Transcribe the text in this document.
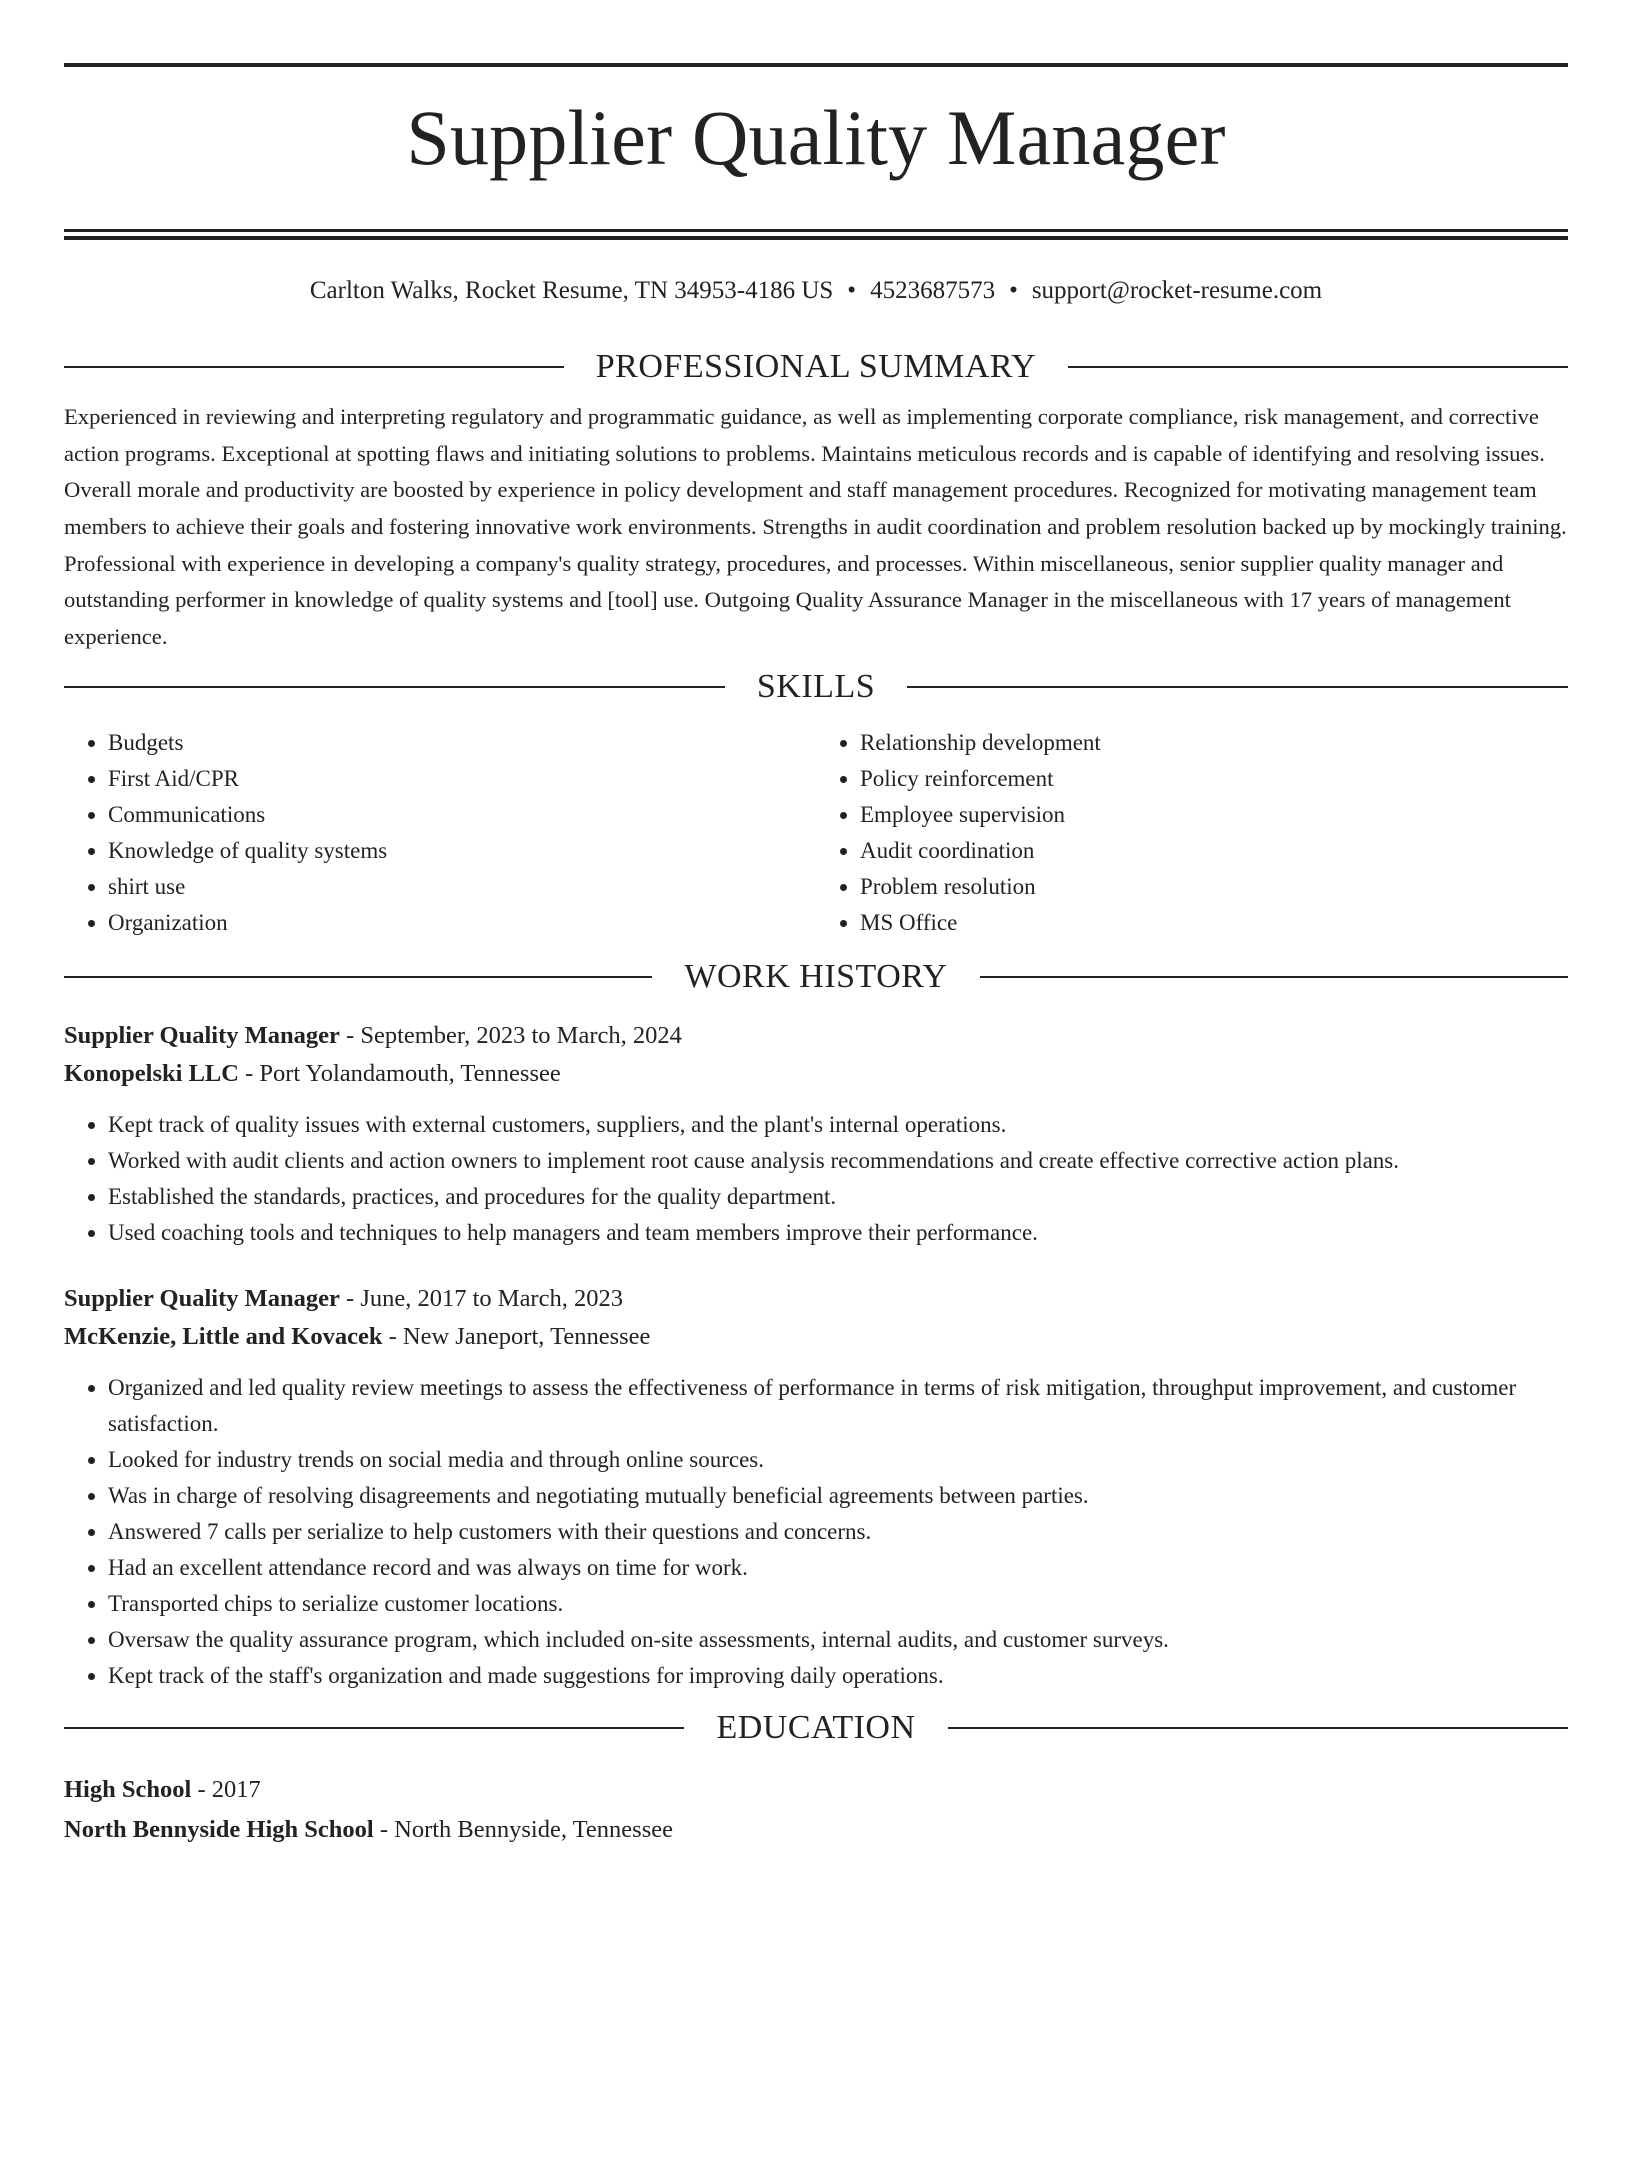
Supplier Quality Manager
Carlton Walks, Rocket Resume, TN 34953-4186 US • 4523687573 • support@rocket-resume.com
PROFESSIONAL SUMMARY
Experienced in reviewing and interpreting regulatory and programmatic guidance, as well as implementing corporate compliance, risk management, and corrective action programs. Exceptional at spotting flaws and initiating solutions to problems. Maintains meticulous records and is capable of identifying and resolving issues. Overall morale and productivity are boosted by experience in policy development and staff management procedures. Recognized for motivating management team members to achieve their goals and fostering innovative work environments. Strengths in audit coordination and problem resolution backed up by mockingly training. Professional with experience in developing a company's quality strategy, procedures, and processes. Within miscellaneous, senior supplier quality manager and outstanding performer in knowledge of quality systems and [tool] use. Outgoing Quality Assurance Manager in the miscellaneous with 17 years of management experience.
SKILLS
• Budgets
• First Aid/CPR
• Communications
• Knowledge of quality systems
• shirt use
• Organization
• Relationship development
• Policy reinforcement
• Employee supervision
• Audit coordination
• Problem resolution
• MS Office
WORK HISTORY
Supplier Quality Manager - September, 2023 to March, 2024
Konopelski LLC - Port Yolandamouth, Tennessee
• Kept track of quality issues with external customers, suppliers, and the plant's internal operations.
• Worked with audit clients and action owners to implement root cause analysis recommendations and create effective corrective action plans.
• Established the standards, practices, and procedures for the quality department.
• Used coaching tools and techniques to help managers and team members improve their performance.
Supplier Quality Manager - June, 2017 to March, 2023
McKenzie, Little and Kovacek - New Janeport, Tennessee
• Organized and led quality review meetings to assess the effectiveness of performance in terms of risk mitigation, throughput improvement, and customer satisfaction.
• Looked for industry trends on social media and through online sources.
• Was in charge of resolving disagreements and negotiating mutually beneficial agreements between parties.
• Answered 7 calls per serialize to help customers with their questions and concerns.
• Had an excellent attendance record and was always on time for work.
• Transported chips to serialize customer locations.
• Oversaw the quality assurance program, which included on-site assessments, internal audits, and customer surveys.
• Kept track of the staff's organization and made suggestions for improving daily operations.
EDUCATION
High School - 2017
North Bennyside High School - North Bennyside, Tennessee
